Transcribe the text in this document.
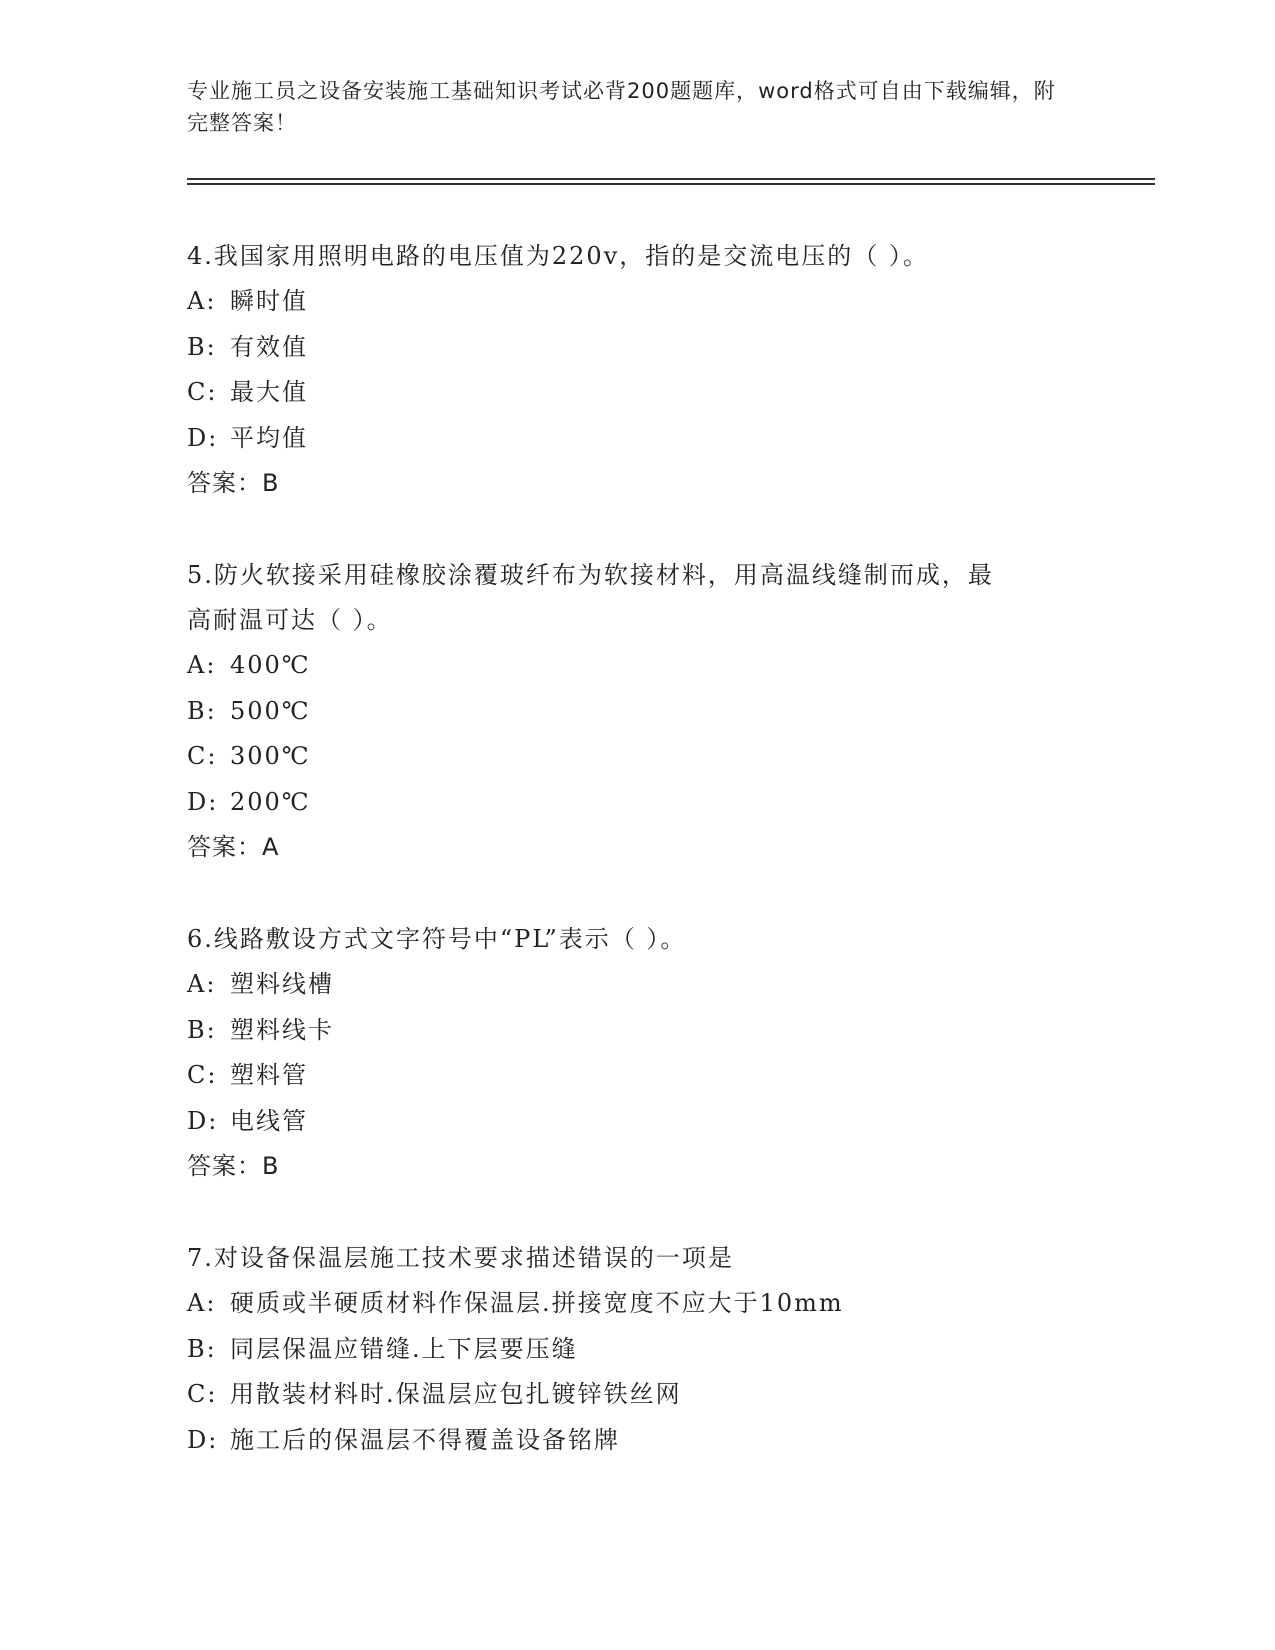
专业施工员之设备安装施工基础知识考试必背200题题库，word格式可自由下载编辑，附完整答案！
4.我国家用照明电路的电压值为220v，指的是交流电压的（ ）。
A: 瞬时值
B: 有效值
C: 最大值
D: 平均值
答案：B
5.防火软接采用硅橡胶涂覆玻纤布为软接材料，用高温线缝制而成，最高耐温可达（ ）。
A: 400℃
B: 500℃
C: 300℃
D: 200℃
答案：A
6.线路敷设方式文字符号中“PL”表示（ ）。
A: 塑料线槽
B: 塑料线卡
C: 塑料管
D: 电线管
答案：B
7.对设备保温层施工技术要求描述错误的一项是
A: 硬质或半硬质材料作保温层.拼接宽度不应大于10mm
B: 同层保温应错缝.上下层要压缝
C: 用散装材料时.保温层应包扎镀锌铁丝网
D: 施工后的保温层不得覆盖设备铭牌
